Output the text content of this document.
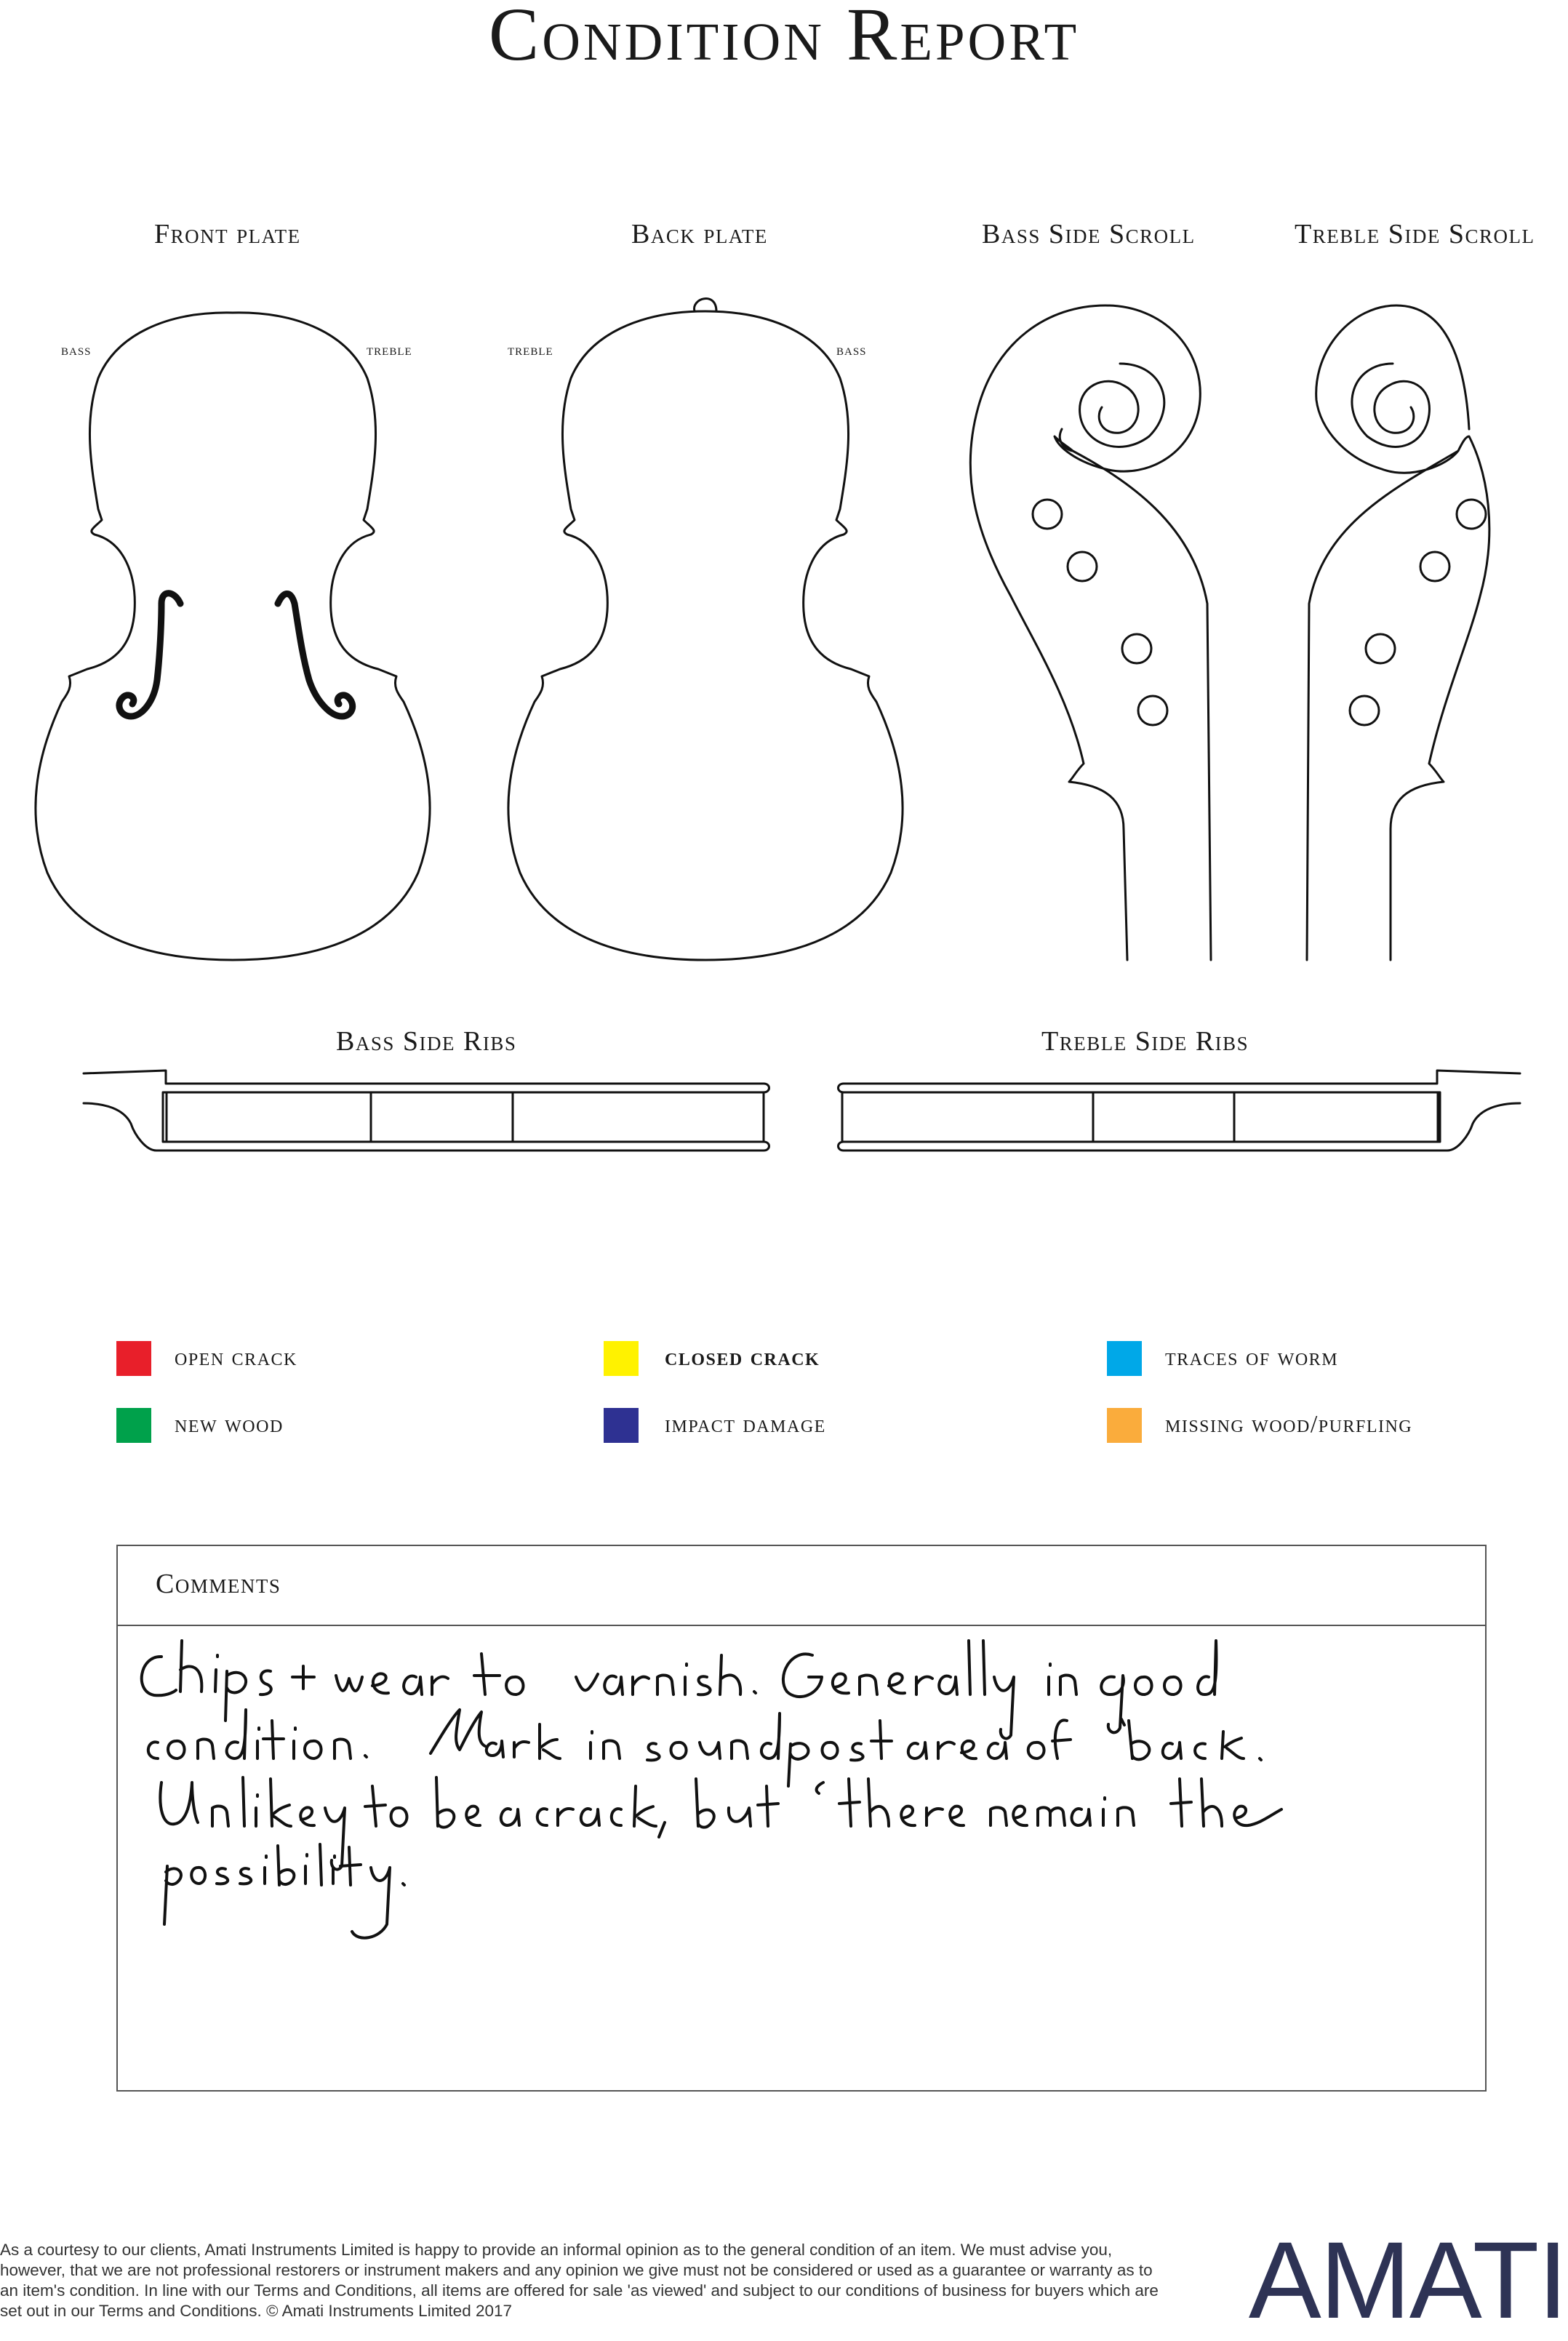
Condition Report
Front plate	Back plate	Bass Side Scroll	Treble Side Scroll
Bass Side Ribs	Treble Side Ribs
bass	treble	treble	bass
open crack	closed crack	traces of worm
new wood	impact damage	missing wood/purfling
Comments
As a courtesy to our clients, Amati Instruments Limited is happy to provide an informal opinion as to the general condition of an item. We must advise you, however, that we are not professional restorers or instrument makers and any opinion we give must not be considered or used as a guarantee or warranty as to an item's condition. In line with our Terms and Conditions, all items are offered for sale 'as viewed' and subject to our conditions of business for buyers which are set out in our Terms and Conditions. © Amati Instruments Limited 2017	AMATI
